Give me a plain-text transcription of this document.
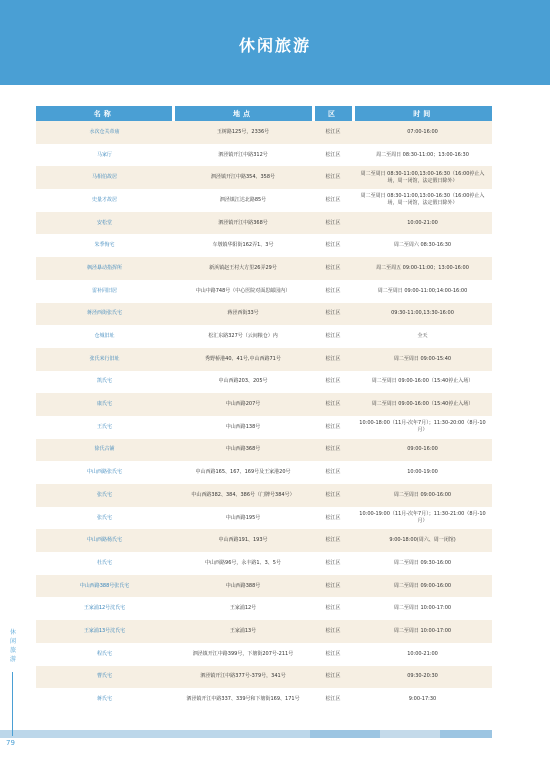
休闲旅游
名称	地点	区	时间
水次仓关帝庙	玉树路125号，2336号	松江区	07:00-16:00
马家厅	泗泾镇开江中路312号	松江区	周二至周日 08:30-11:00；13:00-16:30
马相伯故居	泗泾镇开江中路354、358号	松江区	周二至周日 08:30-11:00,13:00-16:30（16:00停止入场，周一闭馆，法定假日除外）
史量才故居	泗泾镇江达北路85号	松江区	周二至周日 08:30-11:00,13:00-16:30（16:00停止入场，周一闭馆，法定假日除外）
安松堂	泗泾镇开江中路368号	松江区	10:00-21:00
朱季恂宅	车墩镇华阳街162弄1、3号	松江区	周二至周六 08:30-16:30
枫泾暴动指挥所	新浜镇赵王村大方里26弄29号	松江区	周二至周五 09:00-11:00；13:00-16:00
雷补同旧居	中山中路748号（中心医院对面思邮园内）	松江区	周二至周日 09:00-11:00;14:00-16:00
蒋泾西街张氏宅	蒋泾西街33号	松江区	09:30-11:00,13:30-16:00
仓城旧址	松汇东路327号（云间粮仓）内	松江区	全天
张氏米行旧址	秀野桥港40、41号,中山西路71号	松江区	周二至周日 09:00-15:40
凯氏宅	中山西路203、205号	松江区	周二至周日 09:00-16:00（15:40停止入场）
康氏宅	中山西路207号	松江区	周二至周日 09:00-16:00（15:40停止入场）
王氏宅	中山西路138号	松江区	10:00-18:00（11月-次年7月）；11:30-20:00（8月-10月）
徐氏古铺	中山西路368号	松江区	09:00-16:00
中山西路张氏宅	中山西路165、167、169号及王家港20号	松江区	10:00-19:00
张氏宅	中山西路382、384、386号（门牌号384号）	松江区	周二至周日 09:00-16:00
张氏宅	中山西路195号	松江区	10:00-19:00（11月-次年7月）；11:30-21:00（8月-10月）
中山西路杨氏宅	中山西路191、193号	松江区	9:00-18:00(周六、周一闭馆)
杜氏宅	中山西路96号，永丰路1、3、5号	松江区	周二至周日 09:30-16:00
中山西路388号张氏宅	中山西路388号	松江区	周二至周日 09:00-16:00
王家浦12号沈氏宅	王家浦12号	松江区	周二至周日 10:00-17:00
王家浦13号沈氏宅	王家浦13号	松江区	周二至周日 10:00-17:00
程氏宅	泗泾镇开江中路399号，下塘街207号-211号	松江区	10:00-21:00
曹氏宅	泗泾镇开江中路377号-379号，341号	松江区	09:30-20:30
蒋氏宅	泗泾镇开江中路337、339号和下塘街169、171号	松江区	9:00-17:30
休闲旅游
79
